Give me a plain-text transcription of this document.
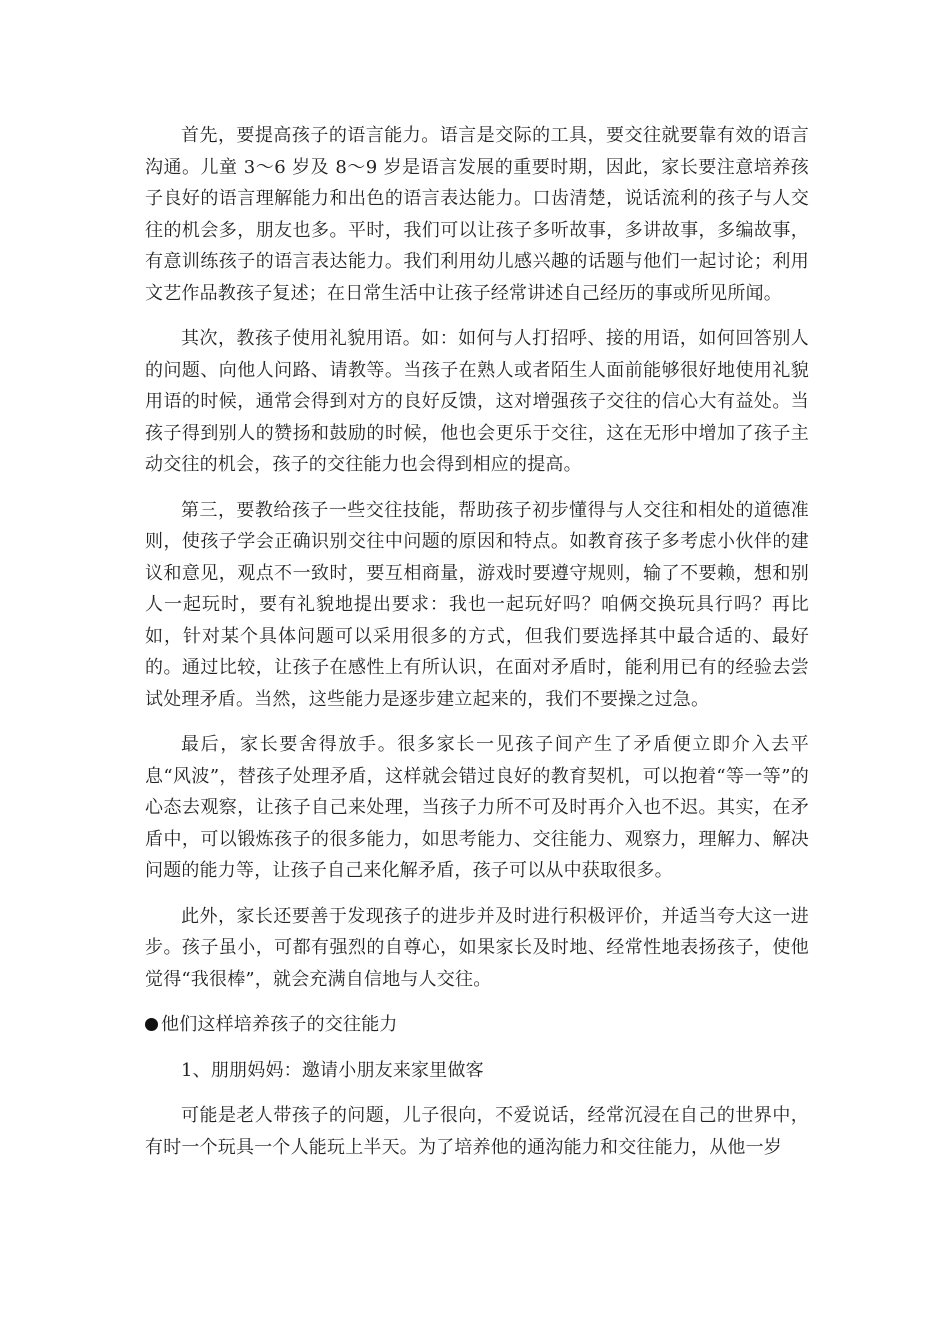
首先，要提高孩子的语言能力。语言是交际的工具，要交往就要靠有效的语言沟通。儿童 3～6 岁及 8～9 岁是语言发展的重要时期，因此，家长要注意培养孩子良好的语言理解能力和出色的语言表达能力。口齿清楚，说话流利的孩子与人交往的机会多，朋友也多。平时，我们可以让孩子多听故事，多讲故事，多编故事，有意训练孩子的语言表达能力。我们利用幼儿感兴趣的话题与他们一起讨论；利用文艺作品教孩子复述；在日常生活中让孩子经常讲述自己经历的事或所见所闻。

其次，教孩子使用礼貌用语。如：如何与人打招呼、接的用语，如何回答别人的问题、向他人问路、请教等。当孩子在熟人或者陌生人面前能够很好地使用礼貌用语的时候，通常会得到对方的良好反馈，这对增强孩子交往的信心大有益处。当孩子得到别人的赞扬和鼓励的时候，他也会更乐于交往，这在无形中增加了孩子主动交往的机会，孩子的交往能力也会得到相应的提高。

第三，要教给孩子一些交往技能，帮助孩子初步懂得与人交往和相处的道德准则，使孩子学会正确识别交往中问题的原因和特点。如教育孩子多考虑小伙伴的建议和意见，观点不一致时，要互相商量，游戏时要遵守规则，输了不要赖，想和别人一起玩时，要有礼貌地提出要求：我也一起玩好吗？咱俩交换玩具行吗？再比如，针对某个具体问题可以采用很多的方式，但我们要选择其中最合适的、最好的。通过比较，让孩子在感性上有所认识，在面对矛盾时，能利用已有的经验去尝试处理矛盾。当然，这些能力是逐步建立起来的，我们不要操之过急。

最后，家长要舍得放手。很多家长一见孩子间产生了矛盾便立即介入去平息“风波”，替孩子处理矛盾，这样就会错过良好的教育契机，可以抱着“等一等”的心态去观察，让孩子自己来处理，当孩子力所不可及时再介入也不迟。其实，在矛盾中，可以锻炼孩子的很多能力，如思考能力、交往能力、观察力，理解力、解决问题的能力等，让孩子自己来化解矛盾，孩子可以从中获取很多。

此外，家长还要善于发现孩子的进步并及时进行积极评价，并适当夸大这一进步。孩子虽小，可都有强烈的自尊心，如果家长及时地、经常性地表扬孩子，使他觉得“我很棒”，就会充满自信地与人交往。

他们这样培养孩子的交往能力

1、朋朋妈妈：邀请小朋友来家里做客

可能是老人带孩子的问题，儿子很向，不爱说话，经常沉浸在自己的世界中，有时一个玩具一个人能玩上半天。为了培养他的通沟能力和交往能力，从他一岁
